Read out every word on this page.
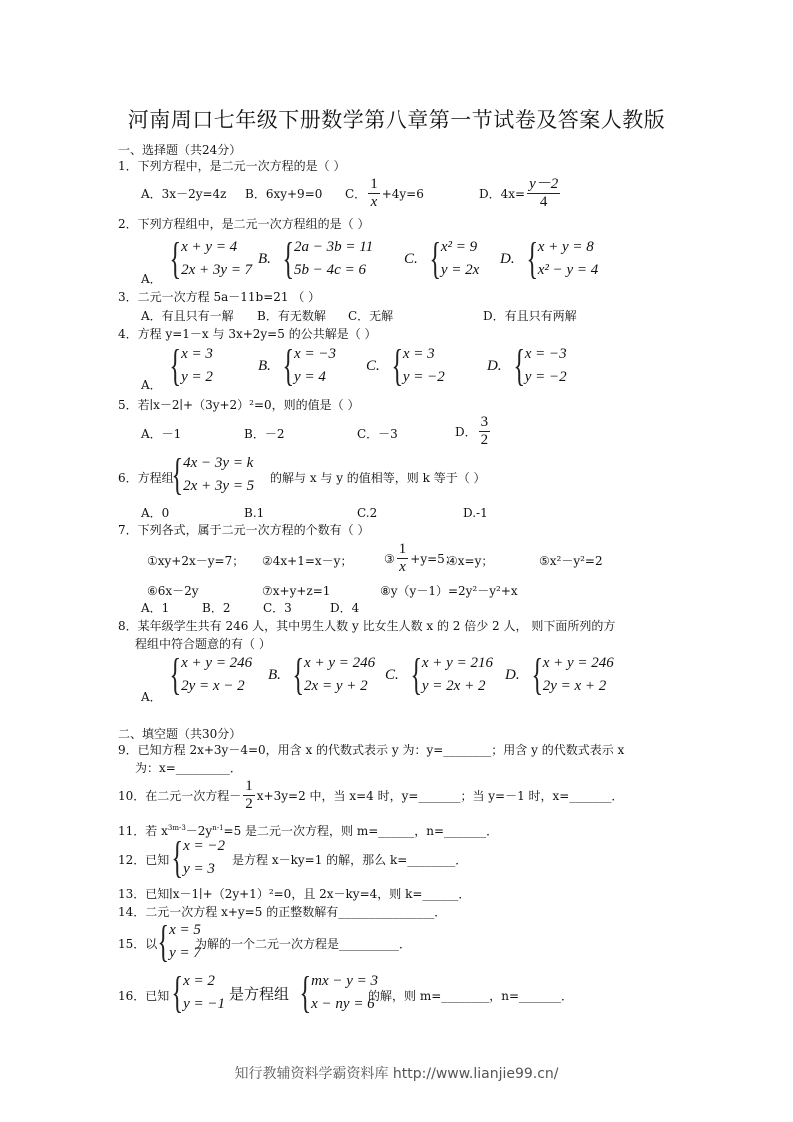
河南周口七年级下册数学第八章第一节试卷及答案人教版
一、选择题（共24分）
1．下列方程中，是二元一次方程的是（ ）
A．3x－2y=4z B．6xy+9=0 C． $\frac{1}{x} +4y=6$	D．$4x= \frac{y-2}{4}$
2．下列方程组中，是二元一次方程组的是（ ）
A． { x + y = 4
2x + 3y = 7
B. { 2a − 3b = 11
5b − 4c = 6
C. { x² = 9
y = 2x
D. { x + y = 8
x² − y = 4
3．二元一次方程 5a－11b=21 （ ）
A．有且只有一解 B．有无数解 C．无解	D．有且只有两解
4．方程 y=1－x 与 3x+2y=5 的公共解是（ ）
A． { x = 3
y = 2
B. { x = −3
y = 4
C. { x = 3
y = −2
D. { x = −3
y = −2
5．若∣x－2∣+（3y+2）²=0，则的值是（ ）
A．－1	B．－2	C．－3	D． $\frac{3}{2}$
6．方程组
{ 4x − 3y = k
2x + 3y = 5 的解与 x 与 y 的值相等，则 k 等于（ ）
A．0	B.1	C.2	D.-1
7．下列各式，属于二元一次方程的个数有（ ）
①xy+2x－y=7； ②4x+1=x－y；	③ $\frac{1}{x} +y=5$；
④x=y；	⑤x²－y²=2
⑥6x－2y	⑦x+y+z=1	⑧y（y－1）=2y²－y²+x
A．1	B．2	C．3	D．4
8．某年级学生共有 246 人，其中男生人数 y 比女生人数 x 的 2 倍少 2 人， 则下面所列的方
程组中符合题意的有（ ）
A． { x + y = 246
2y = x − 2
B. { x + y = 246
2x = y + 2
C. { x + y = 216
y = 2x + 2
D. { x + y = 246
2y = x + 2
二、填空题（共30分）
9．已知方程 2x+3y－4=0，用含 x 的代数式表示 y 为：y=________；用含 y 的代数式表示 x
为：x=_________．
10．在二元一次方程－ $\frac{1}{2} x+3y=2$ 中，当 x=4 时，y=_______；当 y=－1 时，x=_______．
11．若 $x^{3m-3}-2y^{n-1}=5$ 是二元一次方程，则 m=______，n=_______．
12．已知 { x = −2
y = 3
是方程 x－ky=1 的解，那么 k=________．
13．已知∣x－1∣+（2y+1）²=0，且 2x－ky=4，则 k=______．
14．二元一次方程 x+y=5 的正整数解有________________．
15．以 { x = 5
y = 7
为解的一个二元一次方程是__________．
16．已知 { x = 2
y = −1
是方程组 { mx − y = 3
x − ny = 6
的解，则 m=________，n=_______．
知行教辅资料学霸资料库 http://www.lianjie99.cn/
